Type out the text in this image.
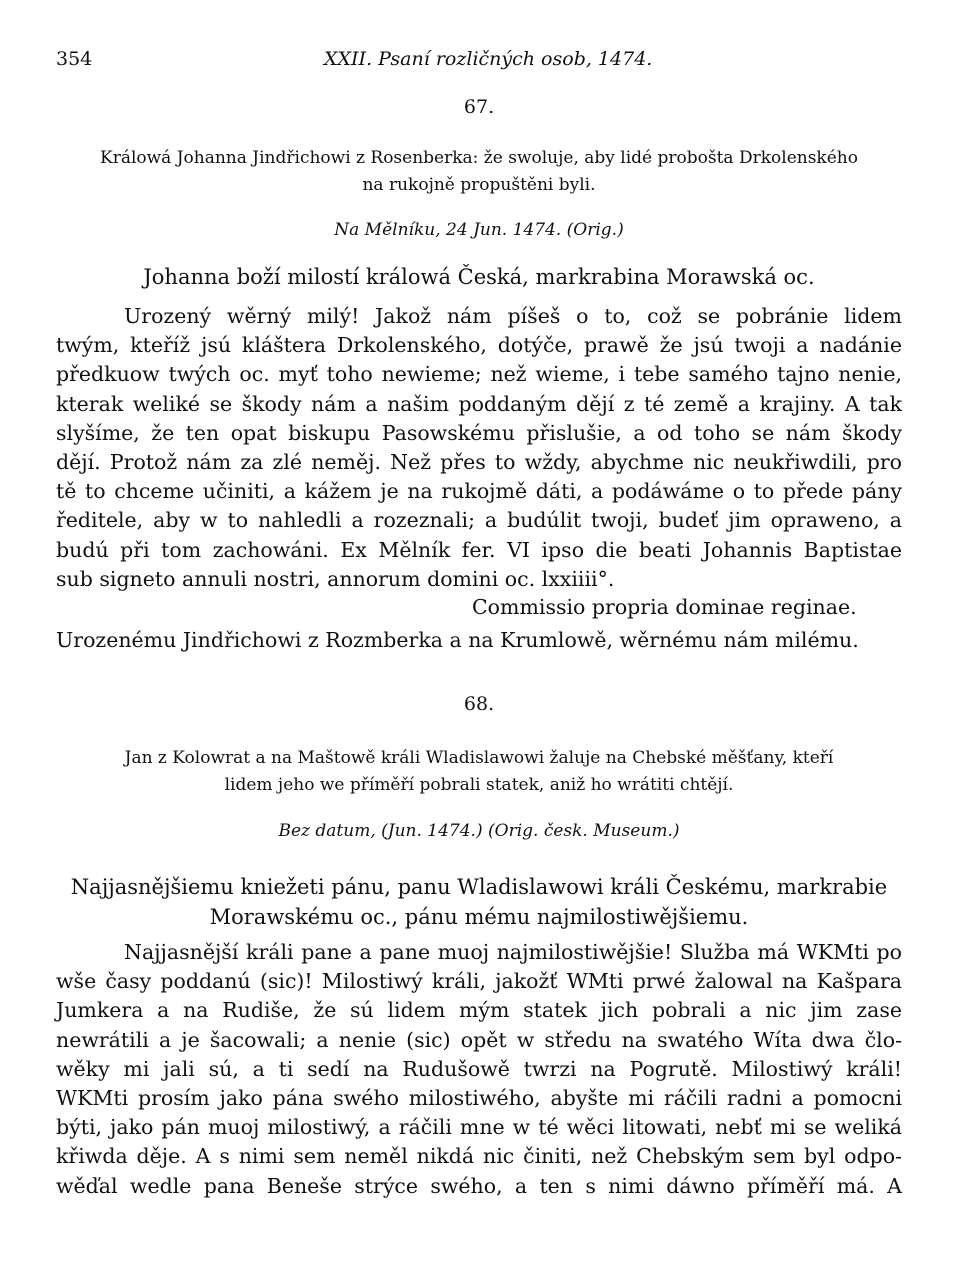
354	XXII. Psaní rozličných osob, 1474.
67.
Králowá Johanna Jindřichowi z Rosenberka: že swoluje, aby lidé probošta Drkolenského
na rukojně propuštěni byli.
Na Mělníku, 24 Jun. 1474. (Orig.)
Johanna boží milostí králowá Česká, markrabina Morawská oc.
Urozený wěrný milý! Jakož nám píšeš o to, což se pobránie lidem
twým, kteříž jsú kláštera Drkolenského, dotýče, prawě že jsú twoji a nadánie
předkuow twých oc. myť toho newieme; než wieme, i tebe samého tajno nenie,
kterak weliké se škody nám a našim poddaným dějí z té země a krajiny. A tak
slyšíme, že ten opat biskupu Pasowskému přislušie, a od toho se nám škody
dějí. Protož nám za zlé neměj. Než přes to wždy, abychme nic neukřiwdili, pro
tě to chceme učiniti, a kážem je na rukojmě dáti, a podáwáme o to přede pány
ředitele, aby w to nahledli a rozeznali; a budúlit twoji, budeť jim opraweno, a
budú při tom zachowáni. Ex Mělník fer. VI ipso die beati Johannis Baptistae
sub signeto annuli nostri, annorum domini oc. lxxiiii°.
Commissio propria dominae reginae.
Urozenému Jindřichowi z Rozmberka a na Krumlowě, wěrnému nám milému.
68.
Jan z Kolowrat a na Maštowě králi Wladislawowi žaluje na Chebské měšťany, kteří
lidem jeho we příměří pobrali statek, aniž ho wrátiti chtějí.
Bez datum, (Jun. 1474.) (Orig. česk. Museum.)
Najjasnějšiemu kniežeti pánu, panu Wladislawowi králi Českému, markrabie
Morawskému oc., pánu mému najmilostiwějšiemu.
Najjasnější králi pane a pane muoj najmilostiwějšie! Služba má WKMti po
wše časy poddanú (sic)! Milostiwý králi, jakožť WMti prwé žalowal na Kašpara
Jumkera a na Rudiše, že sú lidem mým statek jich pobrali a nic jim zase
newrátili a je šacowali; a nenie (sic) opět w středu na swatého Wíta dwa člo-
wěky mi jali sú, a ti sedí na Rudušowě twrzi na Pogrutě. Milostiwý králi!
WKMti prosím jako pána swého milostiwého, abyšte mi ráčili radni a pomocni
býti, jako pán muoj milostiwý, a ráčili mne w té wěci litowati, nebť mi se weliká
křiwda děje. A s nimi sem neměl nikdá nic činiti, než Chebským sem byl odpo-
wěďal wedle pana Beneše strýce swého, a ten s nimi dáwno příměří má. A
